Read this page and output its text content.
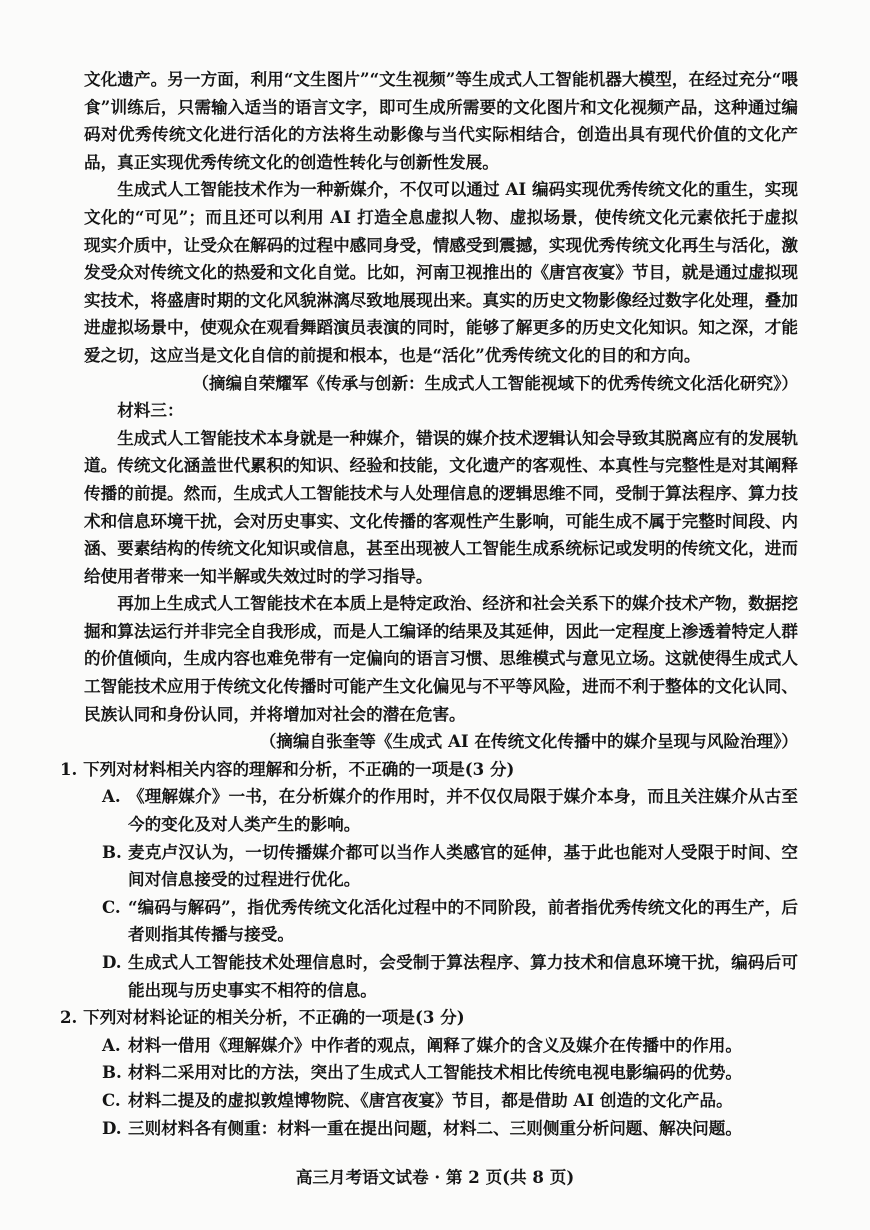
文化遗产。另一方面，利用“文生图片”“文生视频”等生成式人工智能机器大模型，在经过充分“喂食”训练后，只需输入适当的语言文字，即可生成所需要的文化图片和文化视频产品，这种通过编码对优秀传统文化进行活化的方法将生动影像与当代实际相结合，创造出具有现代价值的文化产品，真正实现优秀传统文化的创造性转化与创新性发展。

生成式人工智能技术作为一种新媒介，不仅可以通过 AI 编码实现优秀传统文化的重生，实现文化的“可见”；而且还可以利用 AI 打造全息虚拟人物、虚拟场景，使传统文化元素依托于虚拟现实介质中，让受众在解码的过程中感同身受，情感受到震撼，实现优秀传统文化再生与活化，激发受众对传统文化的热爱和文化自觉。比如，河南卫视推出的《唐宫夜宴》节目，就是通过虚拟现实技术，将盛唐时期的文化风貌淋漓尽致地展现出来。真实的历史文物影像经过数字化处理，叠加进虚拟场景中，使观众在观看舞蹈演员表演的同时，能够了解更多的历史文化知识。知之深，才能爱之切，这应当是文化自信的前提和根本，也是“活化”优秀传统文化的目的和方向。

（摘编自荣耀军《传承与创新：生成式人工智能视域下的优秀传统文化活化研究》）

材料三：

生成式人工智能技术本身就是一种媒介，错误的媒介技术逻辑认知会导致其脱离应有的发展轨道。传统文化涵盖世代累积的知识、经验和技能，文化遗产的客观性、本真性与完整性是对其阐释传播的前提。然而，生成式人工智能技术与人处理信息的逻辑思维不同，受制于算法程序、算力技术和信息环境干扰，会对历史事实、文化传播的客观性产生影响，可能生成不属于完整时间段、内涵、要素结构的传统文化知识或信息，甚至出现被人工智能生成系统标记或发明的传统文化，进而给使用者带来一知半解或失效过时的学习指导。

再加上生成式人工智能技术在本质上是特定政治、经济和社会关系下的媒介技术产物，数据挖掘和算法运行并非完全自我形成，而是人工编译的结果及其延伸，因此一定程度上渗透着特定人群的价值倾向，生成内容也难免带有一定偏向的语言习惯、思维模式与意见立场。这就使得生成式人工智能技术应用于传统文化传播时可能产生文化偏见与不平等风险，进而不利于整体的文化认同、民族认同和身份认同，并将增加对社会的潜在危害。

（摘编自张奎等《生成式 AI 在传统文化传播中的媒介呈现与风险治理》）

1. 下列对材料相关内容的理解和分析，不正确的一项是(3 分)

A. 《理解媒介》一书，在分析媒介的作用时，并不仅仅局限于媒介本身，而且关注媒介从古至今的变化及对人类产生的影响。
B. 麦克卢汉认为，一切传播媒介都可以当作人类感官的延伸，基于此也能对人受限于时间、空间对信息接受的过程进行优化。
C. “编码与解码”，指优秀传统文化活化过程中的不同阶段，前者指优秀传统文化的再生产，后者则指其传播与接受。
D. 生成式人工智能技术处理信息时，会受制于算法程序、算力技术和信息环境干扰，编码后可能出现与历史事实不相符的信息。

2. 下列对材料论证的相关分析，不正确的一项是(3 分)

A. 材料一借用《理解媒介》中作者的观点，阐释了媒介的含义及媒介在传播中的作用。
B. 材料二采用对比的方法，突出了生成式人工智能技术相比传统电视电影编码的优势。
C. 材料二提及的虚拟敦煌博物院、《唐宫夜宴》节目，都是借助 AI 创造的文化产品。
D. 三则材料各有侧重：材料一重在提出问题，材料二、三则侧重分析问题、解决问题。
高三月考语文试卷 · 第 2 页(共 8 页)
